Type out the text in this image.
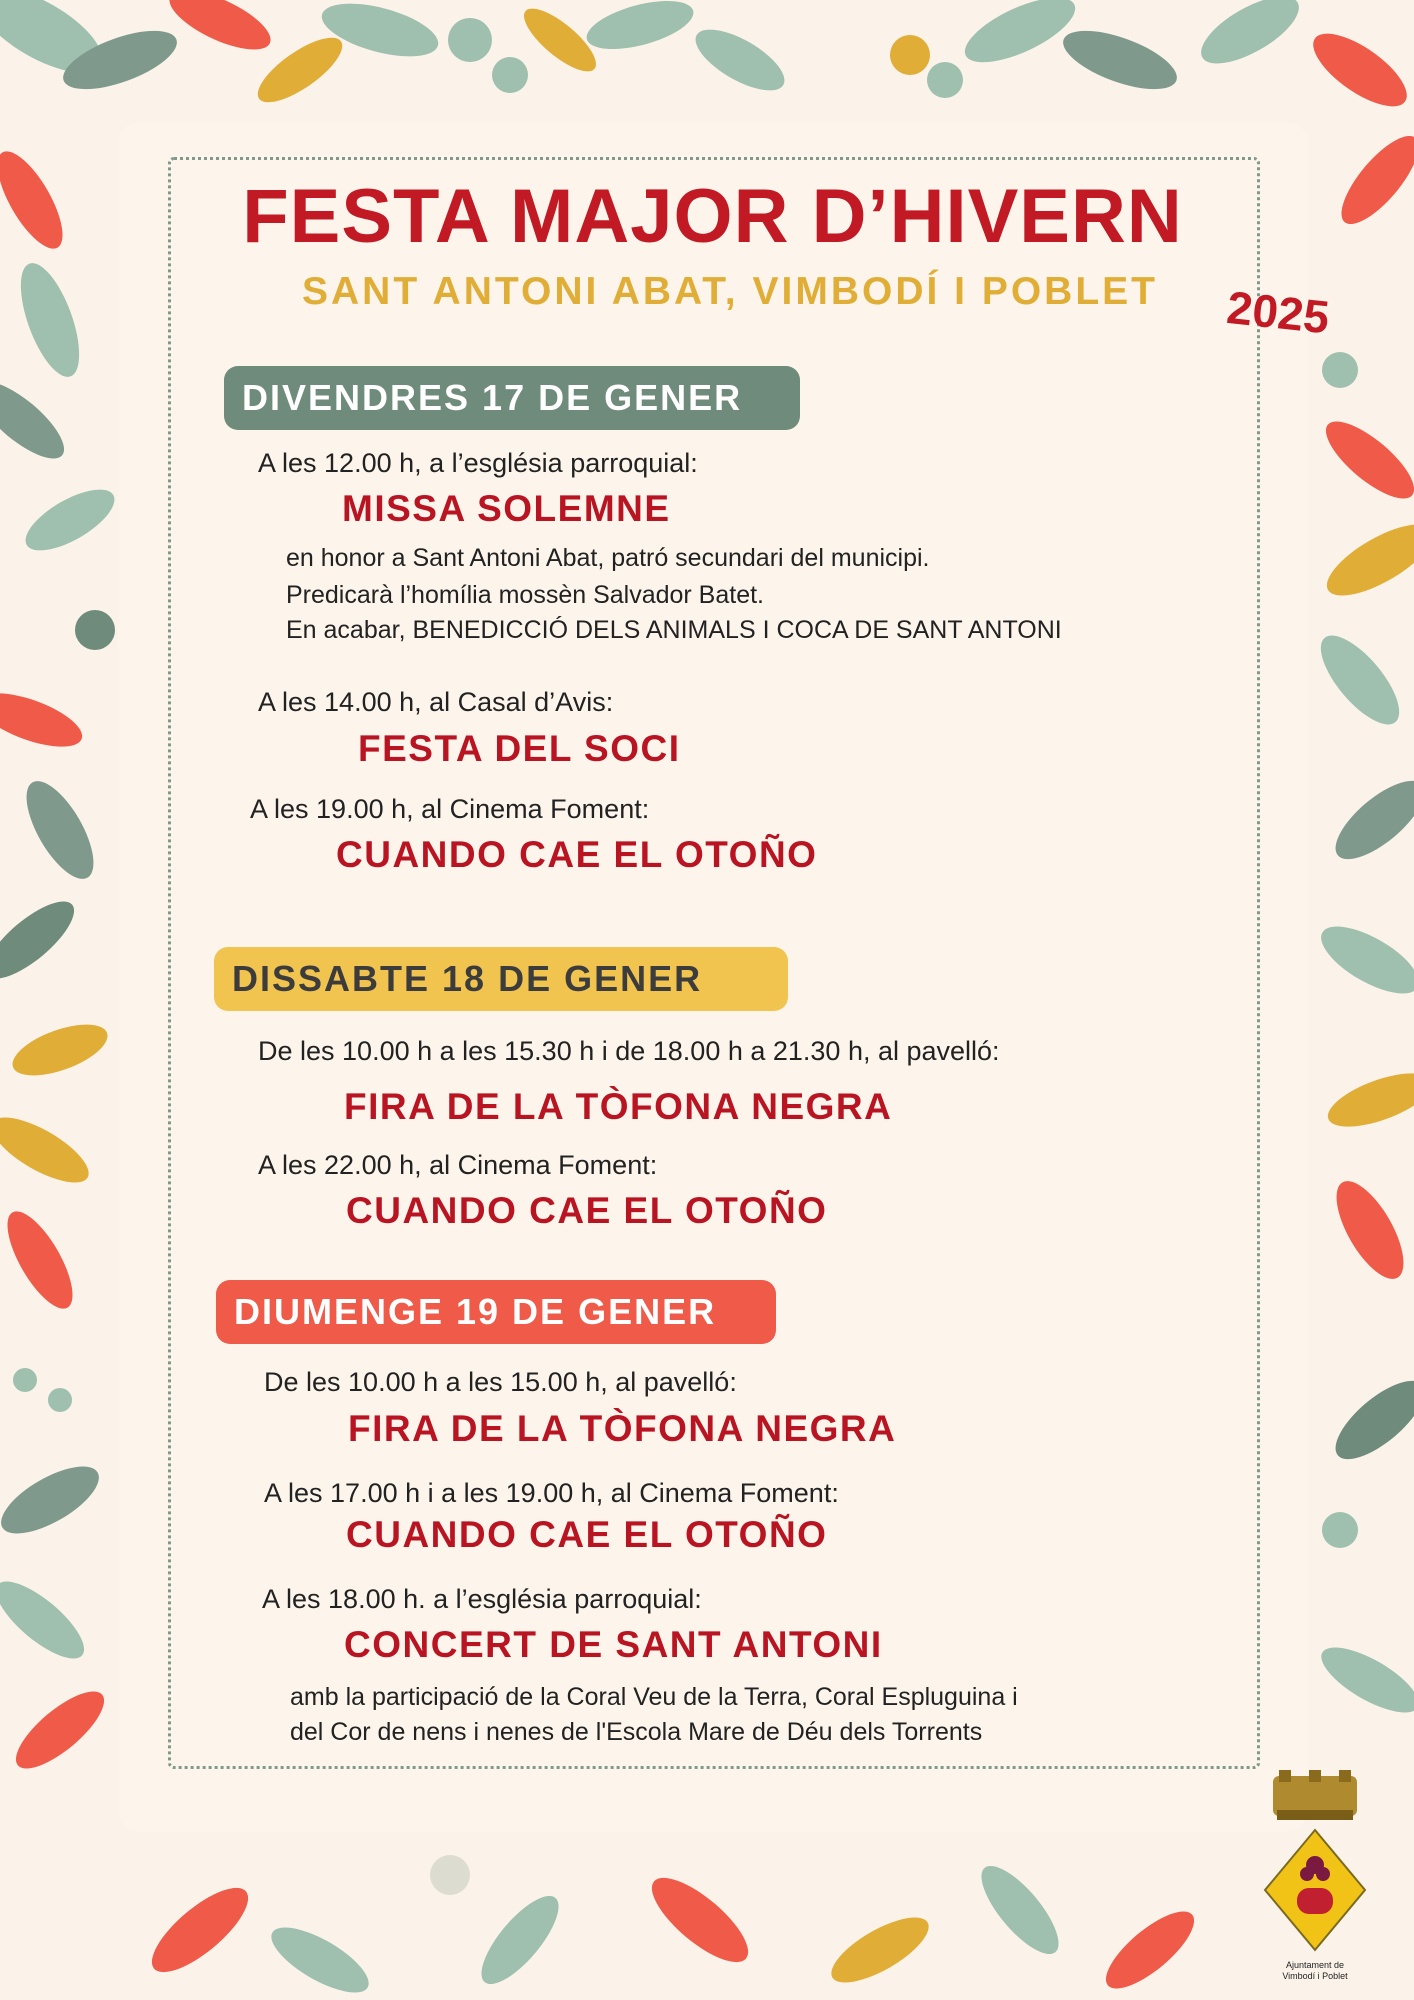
FESTA MAJOR D’HIVERN
SANT ANTONI ABAT, VIMBODÍ I POBLET	2025
DIVENDRES 17 DE GENER
A les 12.00 h, a l’església parroquial:
MISSA SOLEMNE
en honor a Sant Antoni Abat, patró secundari del municipi.
Predicarà l’homília mossèn Salvador Batet.
En acabar, BENEDICCIÓ DELS ANIMALS I COCA DE SANT ANTONI
A les 14.00 h, al Casal d’Avis:
FESTA DEL SOCI
A les 19.00 h, al Cinema Foment:
CUANDO CAE EL OTOÑO
DISSABTE 18 DE GENER
De les 10.00 h a les 15.30 h i de 18.00 h a 21.30 h, al pavelló:
FIRA DE LA TÒFONA NEGRA
A les 22.00 h, al Cinema Foment:
CUANDO CAE EL OTOÑO
DIUMENGE 19 DE GENER
De les 10.00 h a les 15.00 h, al pavelló:
FIRA DE LA TÒFONA NEGRA
A les 17.00 h i a les 19.00 h, al Cinema Foment:
CUANDO CAE EL OTOÑO
A les 18.00 h. a l’església parroquial:
CONCERT DE SANT ANTONI
amb la participació de la Coral Veu de la Terra, Coral Espluguina i
del Cor de nens i nenes de l'Escola Mare de Déu dels Torrents
Ajuntament de
Vimbodí i Poblet
